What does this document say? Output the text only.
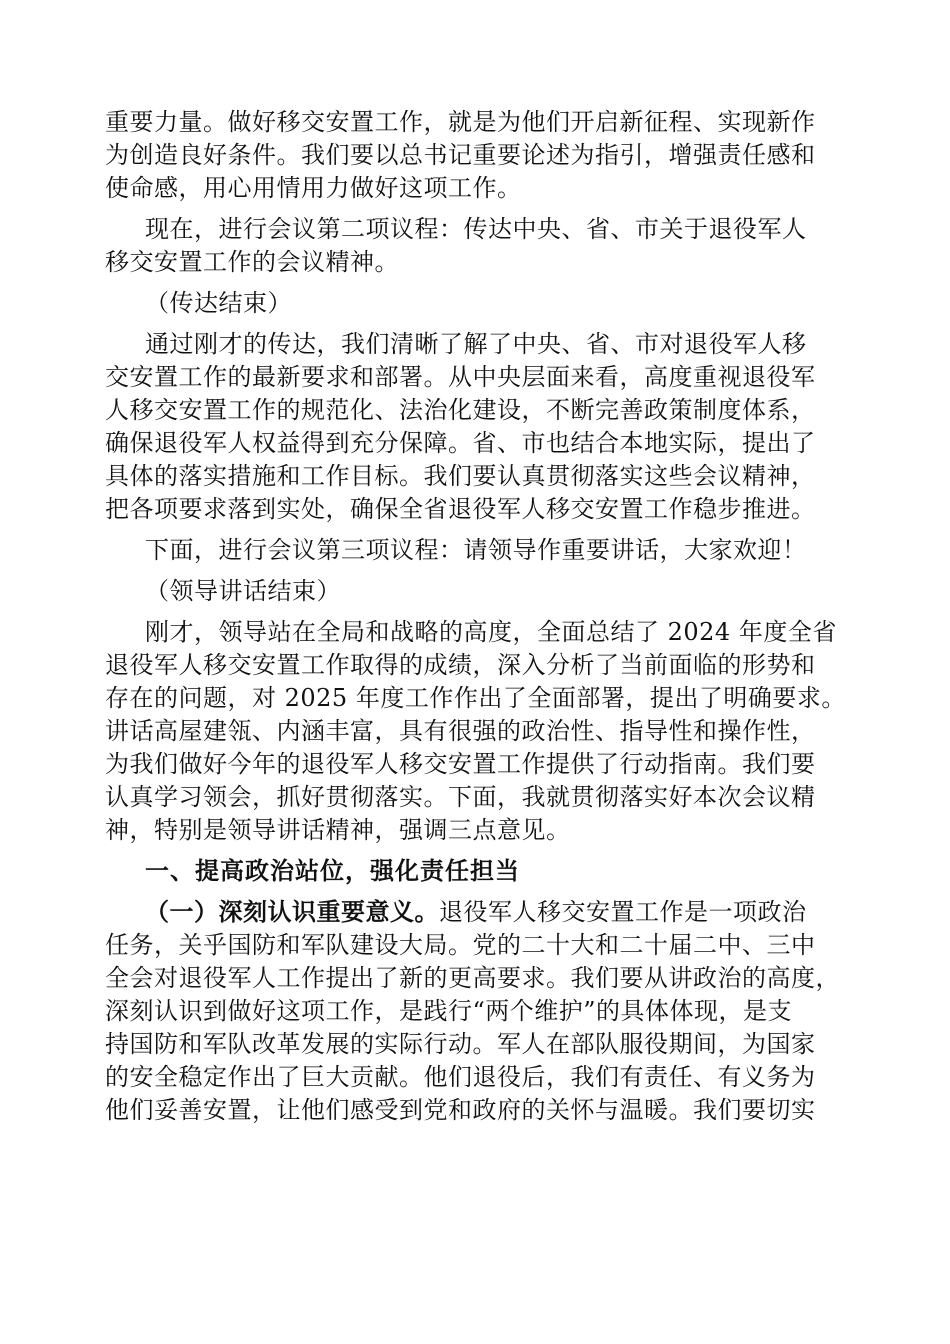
重要力量。做好移交安置工作，就是为他们开启新征程、实现新作
为创造良好条件。我们要以总书记重要论述为指引，增强责任感和
使命感，用心用情用力做好这项工作。
现在，进行会议第二项议程：传达中央、省、市关于退役军人
移交安置工作的会议精神。
（传达结束）
通过刚才的传达，我们清晰了解了中央、省、市对退役军人移
交安置工作的最新要求和部署。从中央层面来看，高度重视退役军
人移交安置工作的规范化、法治化建设，不断完善政策制度体系，
确保退役军人权益得到充分保障。省、市也结合本地实际，提出了
具体的落实措施和工作目标。我们要认真贯彻落实这些会议精神，
把各项要求落到实处，确保全省退役军人移交安置工作稳步推进。
下面，进行会议第三项议程：请领导作重要讲话，大家欢迎！
（领导讲话结束）
刚才，领导站在全局和战略的高度，全面总结了 2024 年度全省
退役军人移交安置工作取得的成绩，深入分析了当前面临的形势和
存在的问题，对 2025 年度工作作出了全面部署，提出了明确要求。
讲话高屋建瓴、内涵丰富，具有很强的政治性、指导性和操作性，
为我们做好今年的退役军人移交安置工作提供了行动指南。我们要
认真学习领会，抓好贯彻落实。下面，我就贯彻落实好本次会议精
神，特别是领导讲话精神，强调三点意见。
一、提高政治站位，强化责任担当
（一）深刻认识重要意义。退役军人移交安置工作是一项政治
任务，关乎国防和军队建设大局。党的二十大和二十届二中、三中
全会对退役军人工作提出了新的更高要求。我们要从讲政治的高度，
深刻认识到做好这项工作，是践行“两个维护”的具体体现，是支
持国防和军队改革发展的实际行动。军人在部队服役期间，为国家
的安全稳定作出了巨大贡献。他们退役后，我们有责任、有义务为
他们妥善安置，让他们感受到党和政府的关怀与温暖。我们要切实
